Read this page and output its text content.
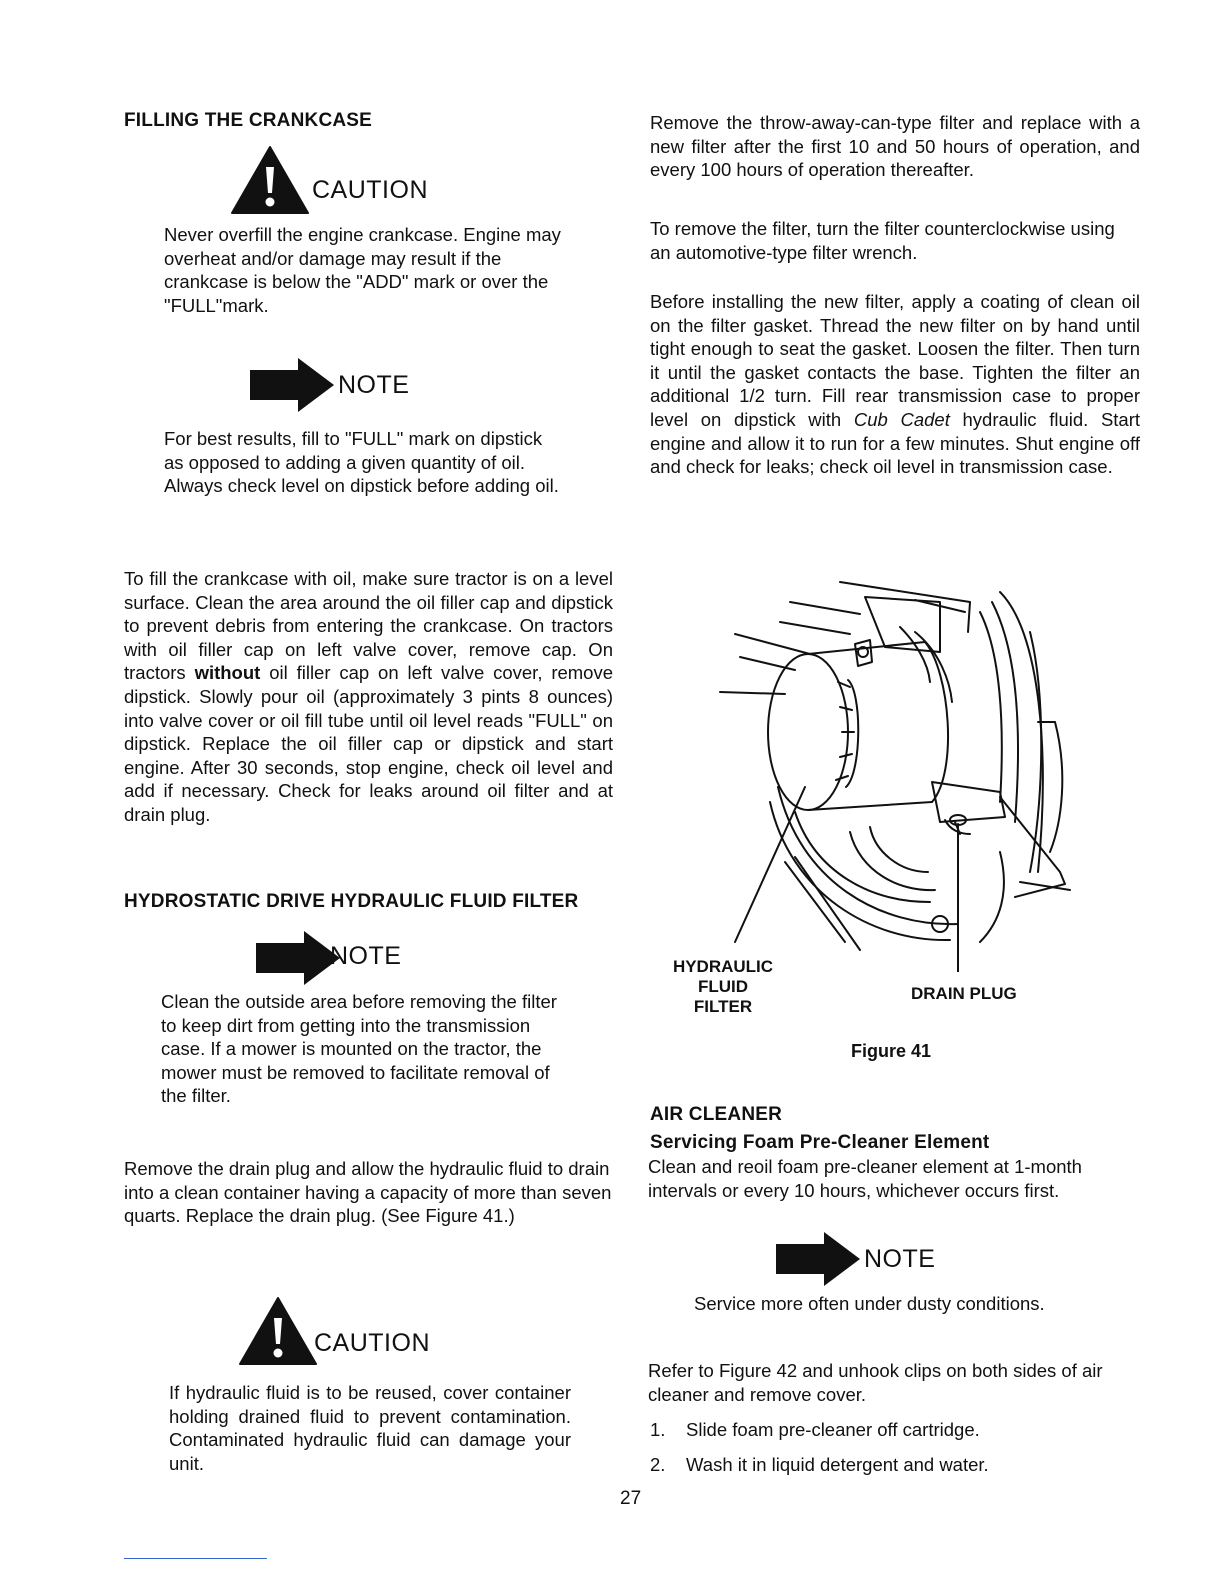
FILLING THE CRANKCASE
CAUTION

Never overfill the engine crankcase. Engine may overheat and/or damage may result if the crankcase is below the "ADD" mark or over the "FULL"mark.

NOTE

For best results, fill to "FULL" mark on dipstick as opposed to adding a given quantity of oil. Always check level on dipstick before adding oil.

To fill the crankcase with oil, make sure tractor is on a level surface. Clean the area around the oil filler cap and dipstick to prevent debris from entering the crankcase. On tractors with oil filler cap on left valve cover, remove cap. On tractors without oil filler cap on left valve cover, remove dipstick. Slowly pour oil (approximately 3 pints 8 ounces) into valve cover or oil fill tube until oil level reads "FULL" on dipstick. Replace the oil filler cap or dipstick and start engine. After 30 seconds, stop engine, check oil level and add if necessary. Check for leaks around oil filter and at drain plug.

HYDROSTATIC DRIVE HYDRAULIC FLUID FILTER
NOTE

Clean the outside area before removing the filter to keep dirt from getting into the transmission case. If a mower is mounted on the tractor, the mower must be removed to facilitate removal of the filter.

Remove the drain plug and allow the hydraulic fluid to drain into a clean container having a capacity of more than seven quarts. Replace the drain plug. (See Figure 41.)

CAUTION

If hydraulic fluid is to be reused, cover container holding drained fluid to prevent contamination. Contaminated hydraulic fluid can damage your unit.

Remove the throw-away-can-type filter and replace with a new filter after the first 10 and 50 hours of operation, and every 100 hours of operation thereafter.

To remove the filter, turn the filter counterclockwise using an automotive-type filter wrench.

Before installing the new filter, apply a coating of clean oil on the filter gasket. Thread the new filter on by hand until tight enough to seat the gasket. Loosen the filter. Then turn it until the gasket contacts the base. Tighten the filter an additional 1/2 turn. Fill rear transmission case to proper level on dipstick with Cub Cadet hydraulic fluid. Start engine and allow it to run for a few minutes. Shut engine off and check for leaks; check oil level in transmission case.

HYDRAULIC
FLUID
FILTER
DRAIN PLUG
Figure 41
AIR CLEANER
Servicing Foam Pre-Cleaner Element

Clean and reoil foam pre-cleaner element at 1-month intervals or every 10 hours, whichever occurs first.

NOTE

Service more often under dusty conditions.

Refer to Figure 42 and unhook clips on both sides of air cleaner and remove cover.

1.	Slide foam pre-cleaner off cartridge.
2.	Wash it in liquid detergent and water.
27
